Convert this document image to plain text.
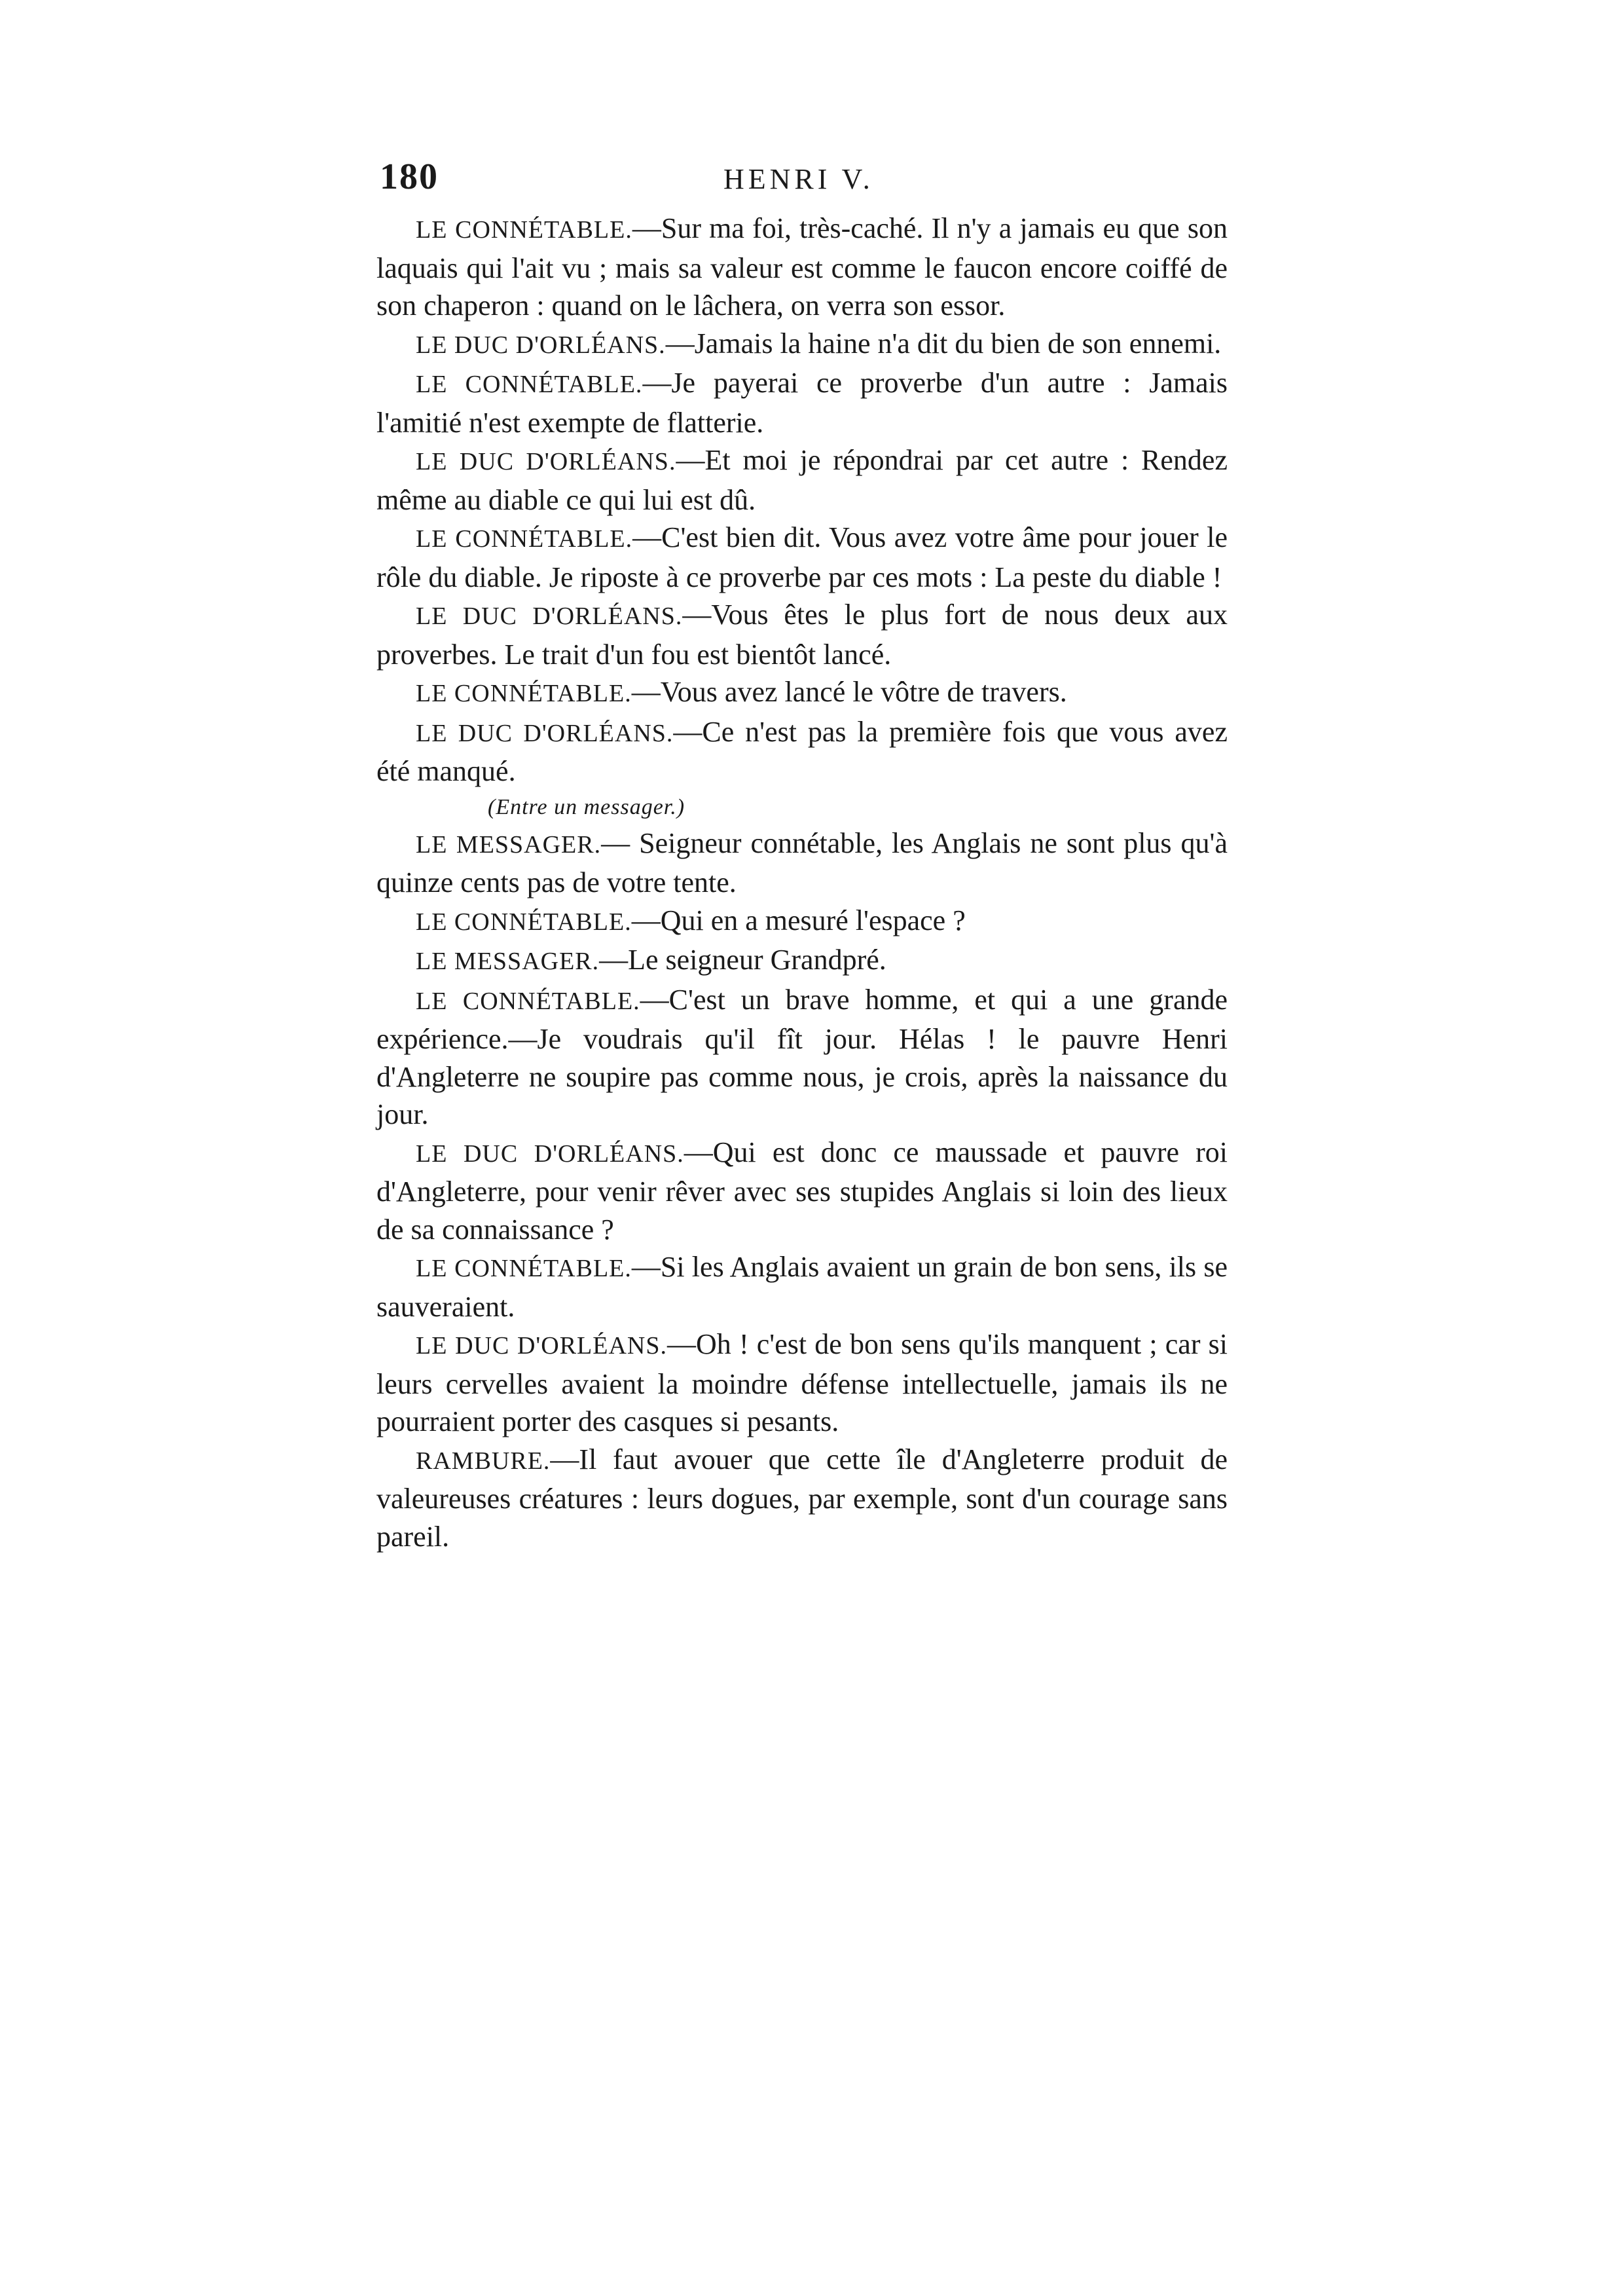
180	HENRI V.

LE CONNÉTABLE.—Sur ma foi, très-caché. Il n'y a jamais eu que son laquais qui l'ait vu ; mais sa valeur est comme le faucon encore coiffé de son chaperon : quand on le lâchera, on verra son essor.

LE DUC D'ORLÉANS.—Jamais la haine n'a dit du bien de son ennemi.

LE CONNÉTABLE.—Je payerai ce proverbe d'un autre : Jamais l'amitié n'est exempte de flatterie.

LE DUC D'ORLÉANS.—Et moi je répondrai par cet autre : Rendez même au diable ce qui lui est dû.

LE CONNÉTABLE.—C'est bien dit. Vous avez votre âme pour jouer le rôle du diable. Je riposte à ce proverbe par ces mots : La peste du diable !

LE DUC D'ORLÉANS.—Vous êtes le plus fort de nous deux aux proverbes. Le trait d'un fou est bientôt lancé.

LE CONNÉTABLE.—Vous avez lancé le vôtre de travers.

LE DUC D'ORLÉANS.—Ce n'est pas la première fois que vous avez été manqué.

(Entre un messager.)

LE MESSAGER.— Seigneur connétable, les Anglais ne sont plus qu'à quinze cents pas de votre tente.

LE CONNÉTABLE.—Qui en a mesuré l'espace ?

LE MESSAGER.—Le seigneur Grandpré.

LE CONNÉTABLE.—C'est un brave homme, et qui a une grande expérience.—Je voudrais qu'il fît jour. Hélas ! le pauvre Henri d'Angleterre ne soupire pas comme nous, je crois, après la naissance du jour.

LE DUC D'ORLÉANS.—Qui est donc ce maussade et pauvre roi d'Angleterre, pour venir rêver avec ses stupides Anglais si loin des lieux de sa connaissance ?

LE CONNÉTABLE.—Si les Anglais avaient un grain de bon sens, ils se sauveraient.

LE DUC D'ORLÉANS.—Oh ! c'est de bon sens qu'ils manquent ; car si leurs cervelles avaient la moindre défense intellectuelle, jamais ils ne pourraient porter des casques si pesants.

RAMBURE.—Il faut avouer que cette île d'Angleterre produit de valeureuses créatures : leurs dogues, par exemple, sont d'un courage sans pareil.
